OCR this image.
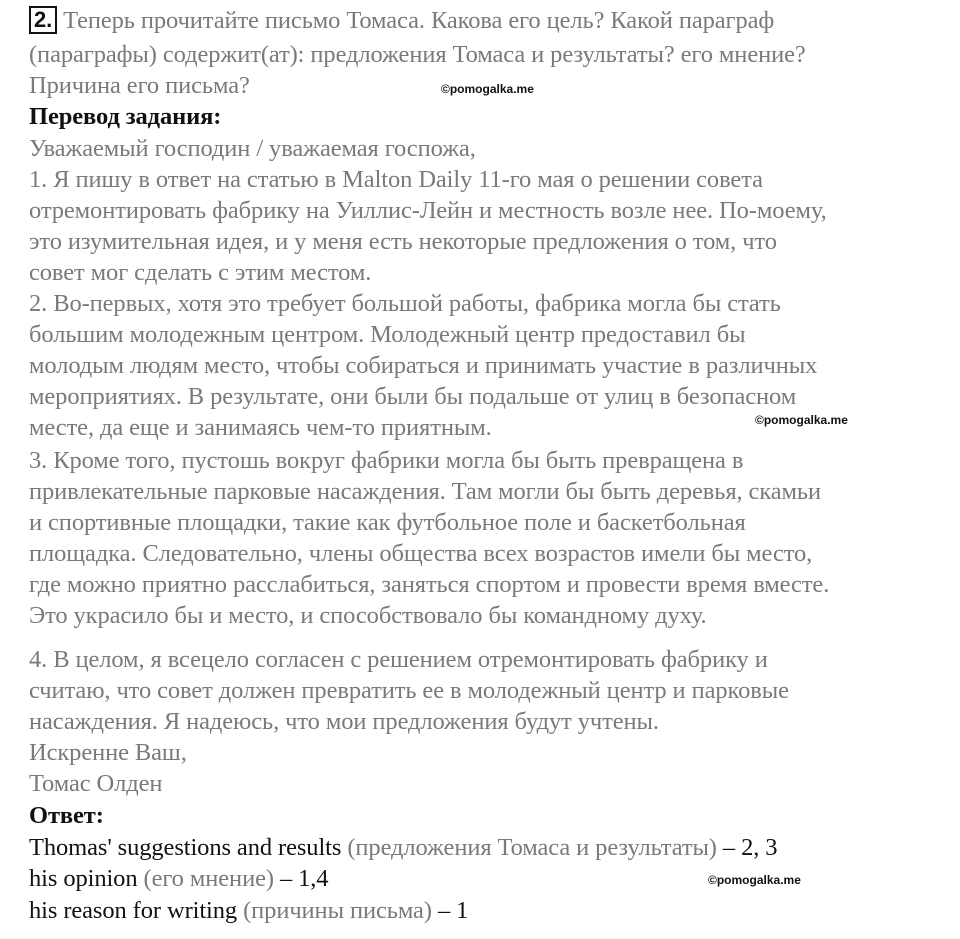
2. Теперь прочитайте письмо Томаса. Какова его цель? Какой параграф
(параграфы) содержит(ат): предложения Томаса и результаты? его мнение?
Причина его письма?	©pomogalka.me
Перевод задания:
Уважаемый господин / уважаемая госпожа,
1. Я пишу в ответ на статью в Malton Daily 11-го мая о решении совета
отремонтировать фабрику на Уиллис-Лейн и местность возле нее. По-моему,
это изумительная идея, и у меня есть некоторые предложения о том, что
совет мог сделать с этим местом.
2. Во-первых, хотя это требует большой работы, фабрика могла бы стать
большим молодежным центром. Молодежный центр предоставил бы
молодым людям место, чтобы собираться и принимать участие в различных
мероприятиях. В результате, они были бы подальше от улиц в безопасном
©pomogalka.me
месте, да еще и занимаясь чем-то приятным.
3. Кроме того, пустошь вокруг фабрики могла бы быть превращена в
привлекательные парковые насаждения. Там могли бы быть деревья, скамьи
и спортивные площадки, такие как футбольное поле и баскетбольная
площадка. Следовательно, члены общества всех возрастов имели бы место,
где можно приятно расслабиться, заняться спортом и провести время вместе.
Это украсило бы и место, и способствовало бы командному духу.
4. В целом, я всецело согласен с решением отремонтировать фабрику и
считаю, что совет должен превратить ее в молодежный центр и парковые
насаждения. Я надеюсь, что мои предложения будут учтены.
Искренне Ваш,
Томас Олден
Ответ:
Thomas' suggestions and results (предложения Томаса и результаты) – 2, 3
his opinion (его мнение) – 1,4	©pomogalka.me
his reason for writing (причины письма) – 1
